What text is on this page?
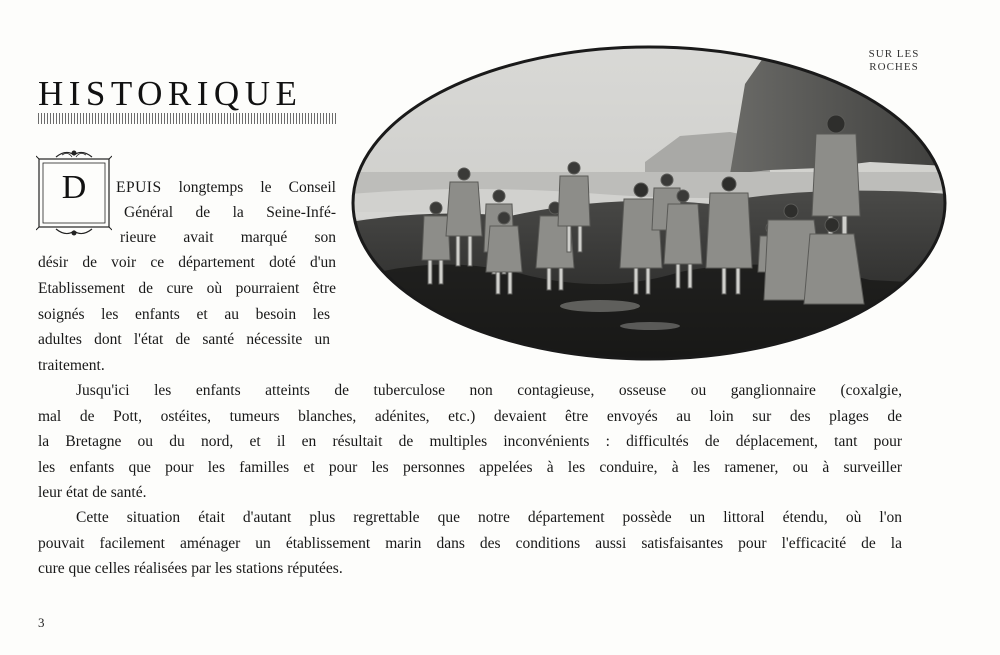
HISTORIQUE
SUR LES
ROCHES
D	EPUIS longtemps le Conseil
Général de la Seine-Infé-
rieure avait marqué son
désir de voir ce département doté d'un
Etablissement de cure où pourraient être
soignés les enfants et au besoin les
adultes dont l'état de santé nécessite un
traitement.
Jusqu'ici les enfants atteints de tuberculose non contagieuse, osseuse ou ganglionnaire (coxalgie,
mal de Pott, ostéites, tumeurs blanches, adénites, etc.) devaient être envoyés au loin sur des plages de
la Bretagne ou du nord, et il en résultait de multiples inconvénients : difficultés de déplacement, tant pour
les enfants que pour les familles et pour les personnes appelées à les conduire, à les ramener, ou à surveiller
leur état de santé.
Cette situation était d'autant plus regrettable que notre département possède un littoral étendu, où l'on
pouvait facilement aménager un établissement marin dans des conditions aussi satisfaisantes pour l'efficacité de la
cure que celles réalisées par les stations réputées.
3
